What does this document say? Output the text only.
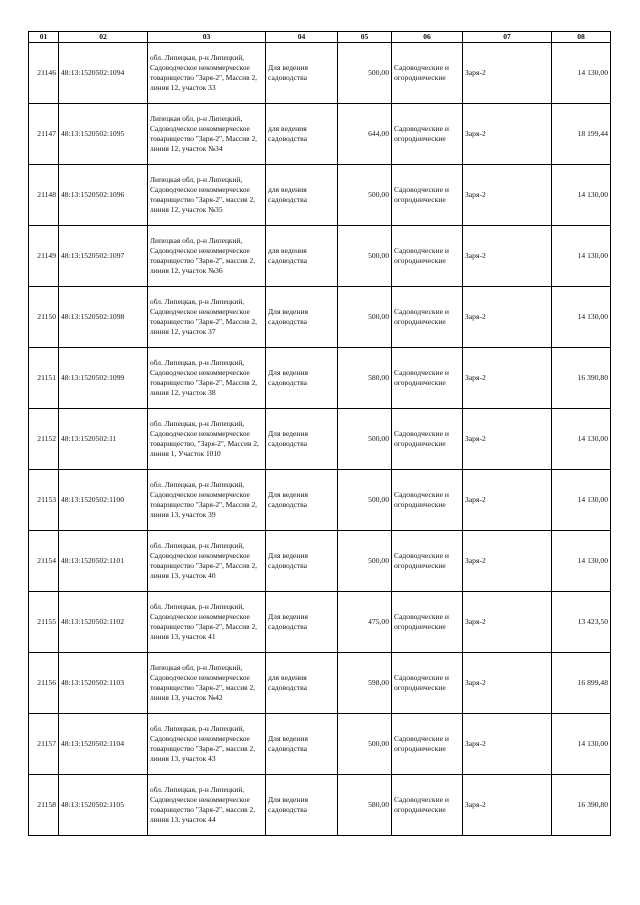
01	02	03	04	05	06	07	08
21146	48:13:1520502:1094	обл. Липецкая, р-н Липецкий, Садоводческое некоммерческое товарищество "Заря-2", Массив 2, линия 12, участок 33	Для ведения садоводства	500,00	Садоводческие и огороднические	Заря-2	14 130,00
21147	48:13:1520502:1095	Липецкая обл, р-н Липецкий, Садоводческое некоммерческое товарищество "Заря-2", Массив 2, линия 12, участок №34	для ведения садоводства	644,00	Садоводческие и огороднические	Заря-2	18 199,44
21148	48:13:1520502:1096	Липецкая обл, р-н Липецкий, Садоводческое некоммерческое товарищество "Заря-2", массив 2, линия 12, участок №35	для ведения садоводства	500,00	Садоводческие и огороднические	Заря-2	14 130,00
21149	48:13:1520502:1097	Липецкая обл, р-н Липецкий, Садоводческое некоммерческое товарищество "Заря-2", массив 2, линия 12, участок №36	для ведения садоводства	500,00	Садоводческие и огороднические	Заря-2	14 130,00
21150	48:13:1520502:1098	обл. Липецкая, р-н Липецкий, Садоводческое некоммерческое товарищество "Заря-2", Массив 2, линия 12, участок 37	Для ведения садоводства	500,00	Садоводческие и огороднические	Заря-2	14 130,00
21151	48:13:1520502:1099	обл. Липецкая, р-н Липецкий, Садоводческое некоммерческое товарищество "Заря-2", Массив 2, линия 12, участок 38	Для ведения садоводства	580,00	Садоводческие и огороднические	Заря-2	16 390,80
21152	48:13:1520502:11	обл. Липецкая, р-н Липецкий, Садоводческое некоммерческое товарищество, "Заря-2", Массив 2, линия 1, Участок 1010	Для ведения садоводства	500,00	Садоводческие и огороднические	Заря-2	14 130,00
21153	48:13:1520502:1100	обл. Липецкая, р-н Липецкий, Садоводческое некоммерческое товарищество "Заря-2", Массив 2, линия 13, участок 39	Для ведения садоводства	500,00	Садоводческие и огороднические	Заря-2	14 130,00
21154	48:13:1520502:1101	обл. Липецкая, р-н Липецкий, Садоводческое некоммерческое товарищество "Заря-2", Массив 2, линия 13, участок 40	Для ведения садоводства	500,00	Садоводческие и огороднические	Заря-2	14 130,00
21155	48:13:1520502:1102	обл. Липецкая, р-н Липецкий, Садоводческое некоммерческое товарищество "Заря-2", Массив 2, линия 13, участок 41	Для ведения садоводства	475,00	Садоводческие и огороднические	Заря-2	13 423,50
21156	48:13:1520502:1103	Липецкая обл, р-н Липецкий, Садоводческое некоммерческое товарищество "Заря-2", массив 2, линия 13, участок №42	для ведения садоводства	598,00	Садоводческие и огороднические	Заря-2	16 899,48
21157	48:13:1520502:1104	обл. Липецкая, р-н Липецкий, Садоводческое некоммерческое товарищество "Заря-2", массив 2, линия 13, участок 43	Для ведения садоводства	500,00	Садоводческие и огороднические	Заря-2	14 130,00
21158	48:13:1520502:1105	обл. Липецкая, р-н Липецкий, Садоводческое некоммерческое товарищество "Заря-2", массив 2, линия 13, участок 44	Для ведения садоводства	580,00	Садоводческие и огороднические	Заря-2	16 390,80
